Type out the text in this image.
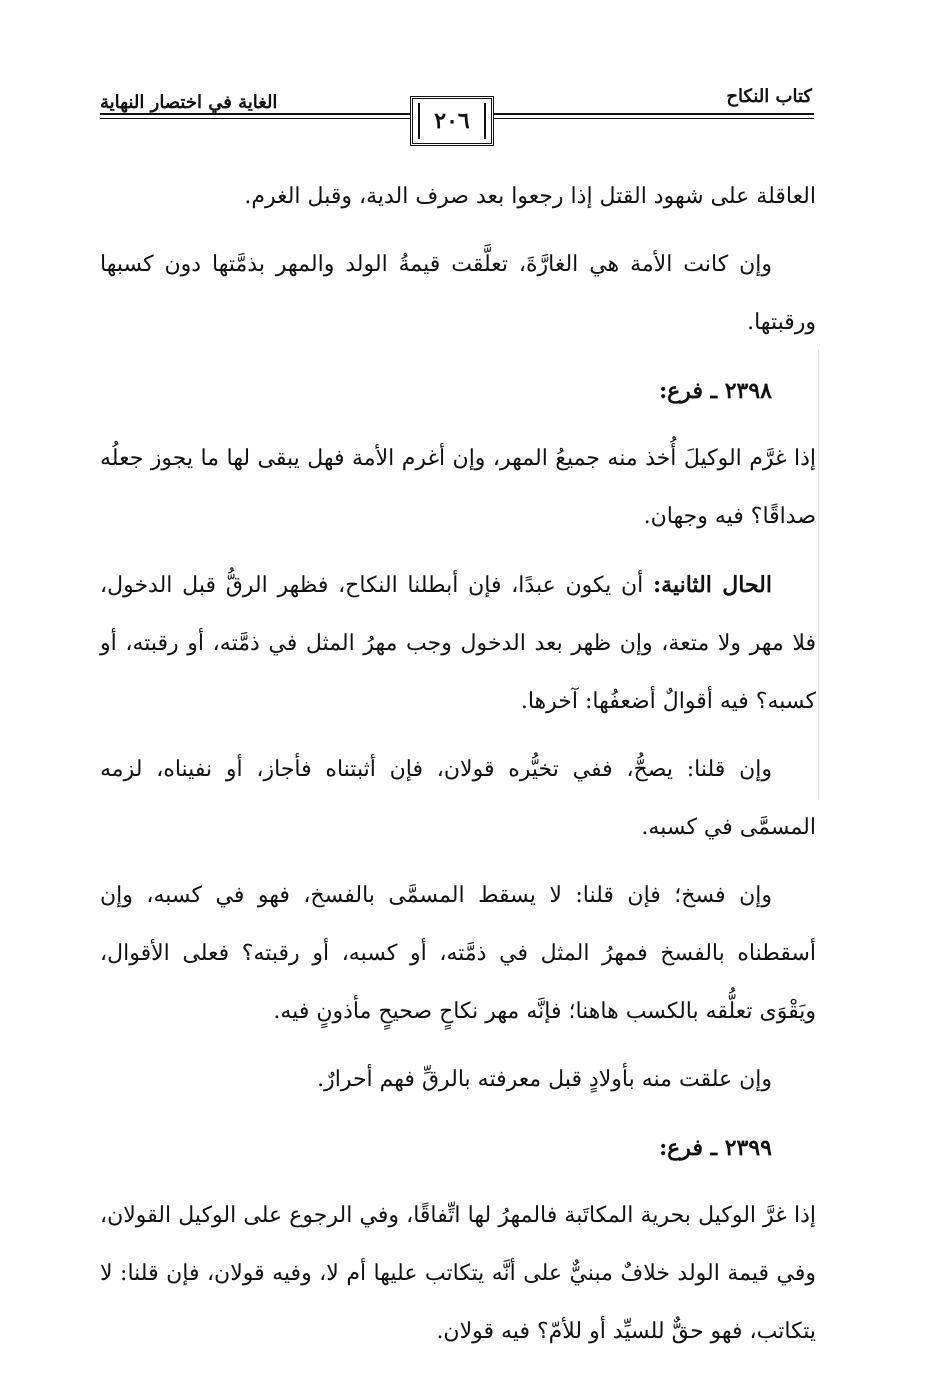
كتاب النكاح
الغاية في اختصار النهاية
٢٠٦

العاقلة على شهود القتل إذا رجعوا بعد صرف الدية، وقبل الغرم.

وإن كانت الأمة هي الغارَّةَ، تعلَّقت قيمةُ الولد والمهر بذمَّتها دون كسبها ورقبتها.

٢٣٩٨ ـ فرع:

إذا غرَّم الوكيلَ أُخذ منه جميعُ المهر، وإن أغرم الأمة فهل يبقى لها ما يجوز جعلُه صداقًا؟ فيه وجهان.

الحال الثانية: أن يكون عبدًا، فإن أبطلنا النكاح، فظهر الرقُّ قبل الدخول، فلا مهر ولا متعة، وإن ظهر بعد الدخول وجب مهرُ المثل في ذمَّته، أو رقبته، أو كسبه؟ فيه أقوالٌ أضعفُها: آخرها.

وإن قلنا: يصحُّ، ففي تخيُّره قولان، فإن أثبتناه فأجاز، أو نفيناه، لزمه المسمَّى في كسبه.

وإن فسخ؛ فإن قلنا: لا يسقط المسمَّى بالفسخ، فهو في كسبه، وإن أسقطناه بالفسخ فمهرُ المثل في ذمَّته، أو كسبه، أو رقبته؟ فعلى الأقوال، ويَقْوَى تعلُّقه بالكسب هاهنا؛ فإنَّه مهر نكاحٍ صحيحٍ مأذونٍ فيه.

وإن علقت منه بأولادٍ قبل معرفته بالرقِّ فهم أحرارٌ.

٢٣٩٩ ـ فرع:

إذا غرَّ الوكيل بحرية المكاتَبة فالمهرُ لها اتِّفاقًا، وفي الرجوع على الوكيل القولان، وفي قيمة الولد خلافٌ مبنيٌّ على أنَّه يتكاتب عليها أم لا، وفيه قولان، فإن قلنا: لا يتكاتب، فهو حقٌّ للسيِّد أو للأمّ؟ فيه قولان.
